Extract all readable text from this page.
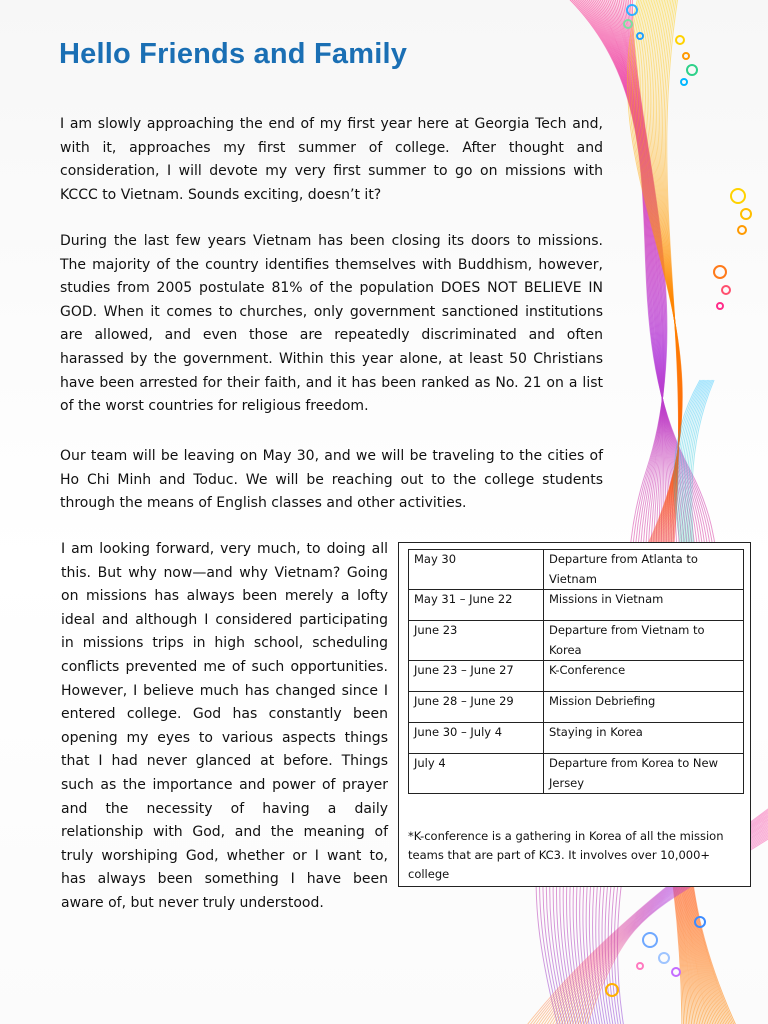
Hello Friends and Family

I am slowly approaching the end of my first year here at Georgia Tech and, with it, approaches my first summer of college. After thought and consideration, I will devote my very first summer to go on missions with KCCC to Vietnam. Sounds exciting, doesn’t it?

During the last few years Vietnam has been closing its doors to missions. The majority of the country identifies themselves with Buddhism, however, studies from 2005 postulate 81% of the population DOES NOT BELIEVE IN GOD. When it comes to churches, only government sanctioned institutions are allowed, and even those are repeatedly discriminated and often harassed by the government. Within this year alone, at least 50 Christians have been arrested for their faith, and it has been ranked as No. 21 on a list of the worst countries for religious freedom.

Our team will be leaving on May 30, and we will be traveling to the cities of Ho Chi Minh and Toduc. We will be reaching out to the college students through the means of English classes and other activities.

I am looking forward, very much, to doing all this. But why now—and why Vietnam? Going on missions has always been merely a lofty ideal and although I considered participating in missions trips in high school, scheduling conflicts prevented me of such opportunities. However, I believe much has changed since I entered college. God has constantly been opening my eyes to various aspects things that I had never glanced at before. Things such as the importance and power of prayer and the necessity of having a daily relationship with God, and the meaning of truly worshiping God, whether or I want to, has always been something I have been aware of, but never truly understood.

May 30	Departure from Atlanta to Vietnam
May 31 – June 22	Missions in Vietnam
June 23	Departure from Vietnam to Korea
June 23 – June 27	K-Conference
June 28 – June 29	Mission Debriefing
June 30 – July 4	Staying in Korea
July 4	Departure from Korea to New Jersey

*K-conference is a gathering in Korea of all the mission teams that are part of KC3. It involves over 10,000+ college
